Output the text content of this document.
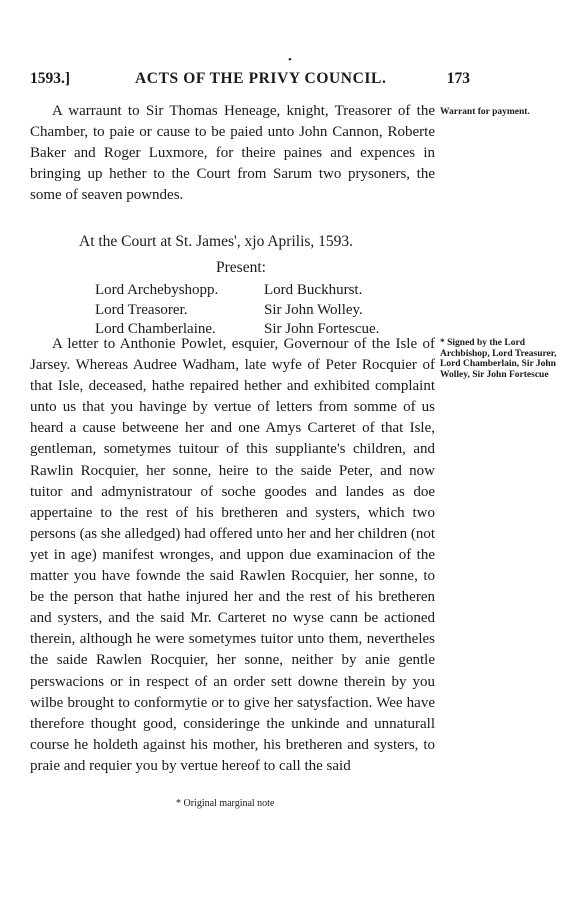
•
1593.]	ACTS OF THE PRIVY COUNCIL.	173
A warraunt to Sir Thomas Heneage, knight, Treasorer of the Chamber, to paie or cause to be paied unto John Cannon, Roberte Baker and Roger Luxmore, for theire paines and expences in bringing up hether to the Court from Sarum two prysoners, the some of seaven powndes.
Warrant for payment.
At the Court at St. James', xjo Aprilis, 1593.
Present:
Lord Archebyshopp.
Lord Treasorer.
Lord Chamberlaine.
Lord Buckhurst.
Sir John Wolley.
Sir John Fortescue.
A letter to Anthonie Powlet, esquier, Governour of the Isle of Jarsey. Whereas Audree Wadham, late wyfe of Peter Rocquier of that Isle, deceased, hathe repaired hether and exhibited complaint unto us that you havinge by vertue of letters from somme of us heard a cause betweene her and one Amys Carteret of that Isle, gentleman, sometymes tuitour of this suppliante's children, and Rawlin Rocquier, her sonne, heire to the saide Peter, and now tuitor and admynistratour of soche goodes and landes as doe appertaine to the rest of his bretheren and systers, which two persons (as she alledged) had offered unto her and her children (not yet in age) manifest wronges, and uppon due examinacion of the matter you have fownde the said Rawlen Rocquier, her sonne, to be the person that hathe injured her and the rest of his bretheren and systers, and the said Mr. Carteret no wyse cann be actioned therein, although he were sometymes tuitor unto them, nevertheles the saide Rawlen Rocquier, her sonne, neither by anie gentle perswacions or in respect of an order sett downe therein by you wilbe brought to conformytie or to give her satysfaction. Wee have therefore thought good, consideringe the unkinde and unnaturall course he holdeth against his mother, his bretheren and systers, to praie and requier you by vertue hereof to call the said
* Signed by the Lord Archbishop, Lord Treasurer, Lord Chamberlain, Sir John Wolley, Sir John Fortescue
* Original marginal note
